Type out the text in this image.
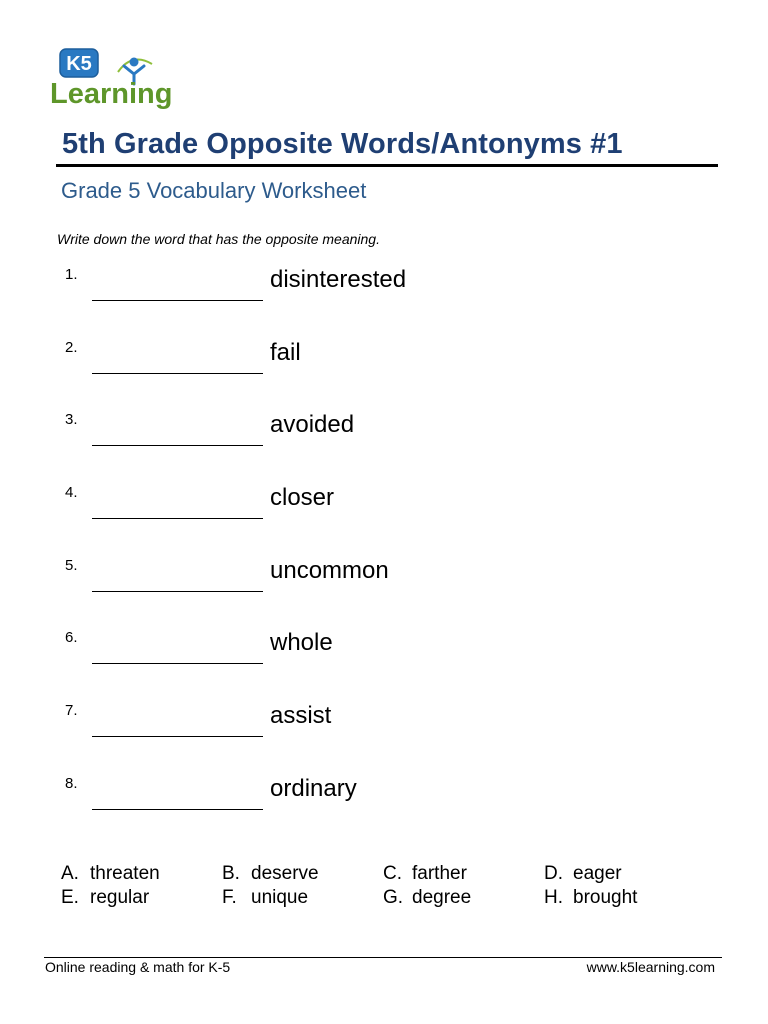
K5
Learning
5th Grade Opposite Words/Antonyms #1
Grade 5 Vocabulary Worksheet
Write down the word that has the opposite meaning.
1.	disinterested
2.	fail
3.	avoided
4.	closer
5.	uncommon
6.	whole
7.	assist
8.	ordinary
A. threaten	B. deserve	C. farther	D. eager
E. regular	F. unique	G. degree	H. brought
Online reading & math for K-5	www.k5learning.com
